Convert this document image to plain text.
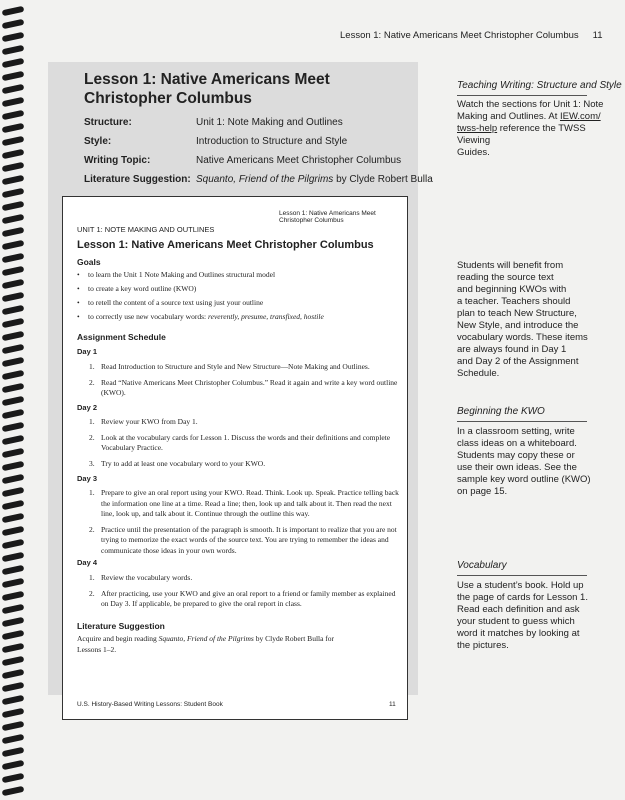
Lesson 1: Native Americans Meet Christopher Columbus 11
Lesson 1: Native Americans Meet
Christopher Columbus
Structure:	Unit 1: Note Making and Outlines
Style:	Introduction to Structure and Style
Writing Topic:	Native Americans Meet Christopher Columbus
Literature Suggestion: Squanto, Friend of the Pilgrims by Clyde Robert Bulla
Lesson 1: Native Americans Meet Christopher Columbus
UNIT 1: NOTE MAKING AND OUTLINES
Lesson 1: Native Americans Meet Christopher Columbus
Goals
• to learn the Unit 1 Note Making and Outlines structural model
• to create a key word outline (KWO)
• to retell the content of a source text using just your outline
• to correctly use new vocabulary words: reverently, presume, transfixed, hostile
Assignment Schedule
Day 1
1. Read Introduction to Structure and Style and New Structure—Note Making and Outlines.
2. Read “Native Americans Meet Christopher Columbus.” Read it again and write a key word outline (KWO).
Day 2
1. Review your KWO from Day 1.
2. Look at the vocabulary cards for Lesson 1. Discuss the words and their definitions and complete Vocabulary Practice.
3. Try to add at least one vocabulary word to your KWO.
Day 3
1. Prepare to give an oral report using your KWO. Read. Think. Look up. Speak. Practice telling back the information one line at a time. Read a line; then, look up and talk about it. Then read the next line, look up, and talk about it. Continue through the outline this way.
2. Practice until the presentation of the paragraph is smooth. It is important to realize that you are not trying to memorize the exact words of the source text. You are trying to remember the ideas and communicate those ideas in your own words.
Day 4
1. Review the vocabulary words.
2. After practicing, use your KWO and give an oral report to a friend or family member as explained on Day 3. If applicable, be prepared to give the oral report in class.
Literature Suggestion
Acquire and begin reading Squanto, Friend of the Pilgrims by Clyde Robert Bulla for
Lessons 1–2.
U.S. History-Based Writing Lessons: Student Book	11
Teaching Writing: Structure and Style
Watch the sections for Unit 1: Note
Making and Outlines. At IEW.com/
twss-help reference the TWSS Viewing
Guides.
Students will benefit from
reading the source text
and beginning KWOs with
a teacher. Teachers should
plan to teach New Structure,
New Style, and introduce the
vocabulary words. These items
are always found in Day 1
and Day 2 of the Assignment
Schedule.
Beginning the KWO
In a classroom setting, write
class ideas on a whiteboard.
Students may copy these or
use their own ideas. See the
sample key word outline (KWO)
on page 15.
Vocabulary
Use a student’s book. Hold up
the page of cards for Lesson 1.
Read each definition and ask
your student to guess which
word it matches by looking at
the pictures.
